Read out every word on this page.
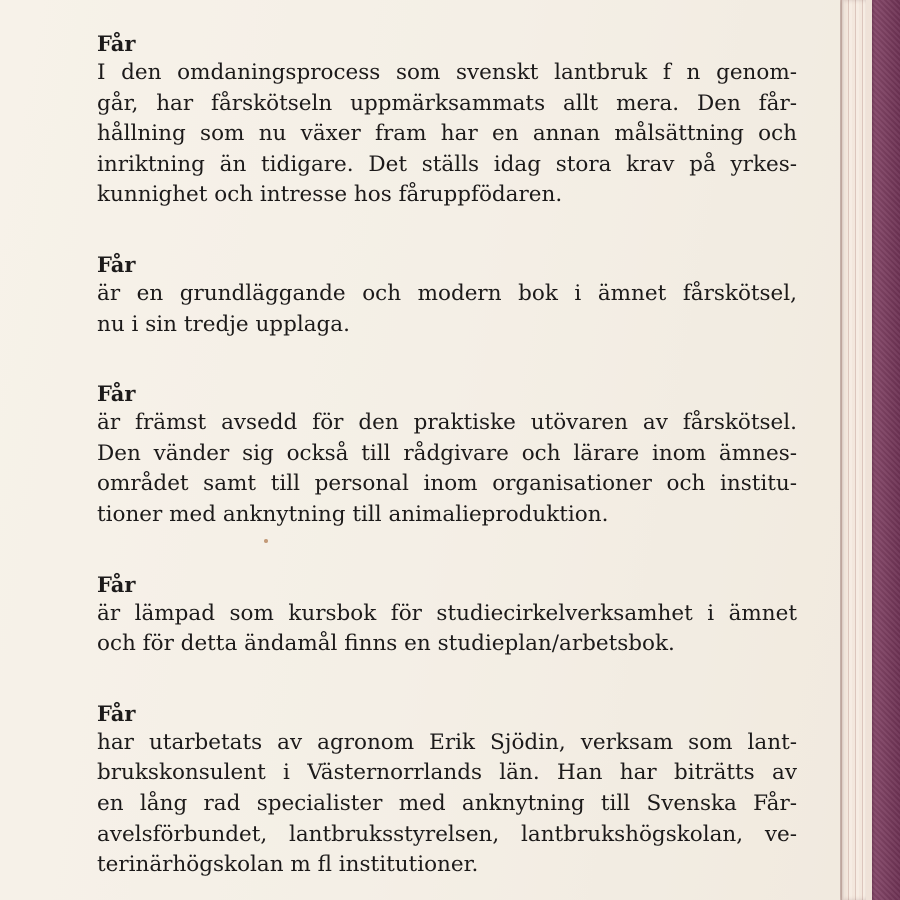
Får
I den omdaningsprocess som svenskt lantbruk f n genom-
går, har fårskötseln uppmärksammats allt mera. Den får-
hållning som nu växer fram har en annan målsättning och
inriktning än tidigare. Det ställs idag stora krav på yrkes-
kunnighet och intresse hos fåruppfödaren.
Får
är en grundläggande och modern bok i ämnet fårskötsel,
nu i sin tredje upplaga.
Får
är främst avsedd för den praktiske utövaren av fårskötsel.
Den vänder sig också till rådgivare och lärare inom ämnes-
området samt till personal inom organisationer och institu-
tioner med anknytning till animalieproduktion.
Får
är lämpad som kursbok för studiecirkelverksamhet i ämnet
och för detta ändamål finns en studieplan/arbetsbok.
Får
har utarbetats av agronom Erik Sjödin, verksam som lant-
brukskonsulent i Västernorrlands län. Han har biträtts av
en lång rad specialister med anknytning till Svenska Får-
avelsförbundet, lantbruksstyrelsen, lantbrukshögskolan, ve-
terinärhögskolan m fl institutioner.
